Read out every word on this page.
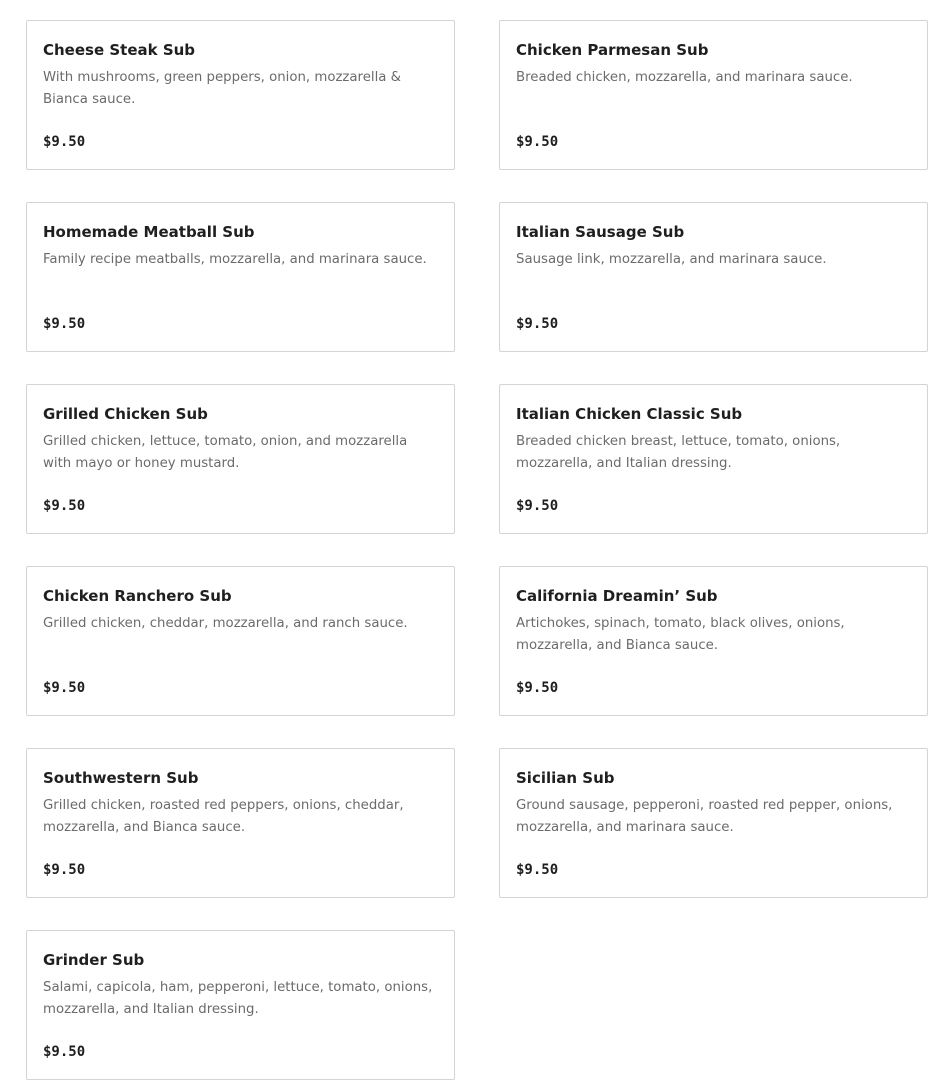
Cheese Steak Sub
With mushrooms, green peppers, onion, mozzarella & Bianca sauce.
$9.50
Chicken Parmesan Sub
Breaded chicken, mozzarella, and marinara sauce.
$9.50
Homemade Meatball Sub
Family recipe meatballs, mozzarella, and marinara sauce.
$9.50
Italian Sausage Sub
Sausage link, mozzarella, and marinara sauce.
$9.50
Grilled Chicken Sub
Grilled chicken, lettuce, tomato, onion, and mozzarella with mayo or honey mustard.
$9.50
Italian Chicken Classic Sub
Breaded chicken breast, lettuce, tomato, onions, mozzarella, and Italian dressing.
$9.50
Chicken Ranchero Sub
Grilled chicken, cheddar, mozzarella, and ranch sauce.
$9.50
California Dreamin’ Sub
Artichokes, spinach, tomato, black olives, onions, mozzarella, and Bianca sauce.
$9.50
Southwestern Sub
Grilled chicken, roasted red peppers, onions, cheddar, mozzarella, and Bianca sauce.
$9.50
Sicilian Sub
Ground sausage, pepperoni, roasted red pepper, onions, mozzarella, and marinara sauce.
$9.50
Grinder Sub
Salami, capicola, ham, pepperoni, lettuce, tomato, onions, mozzarella, and Italian dressing.
$9.50
